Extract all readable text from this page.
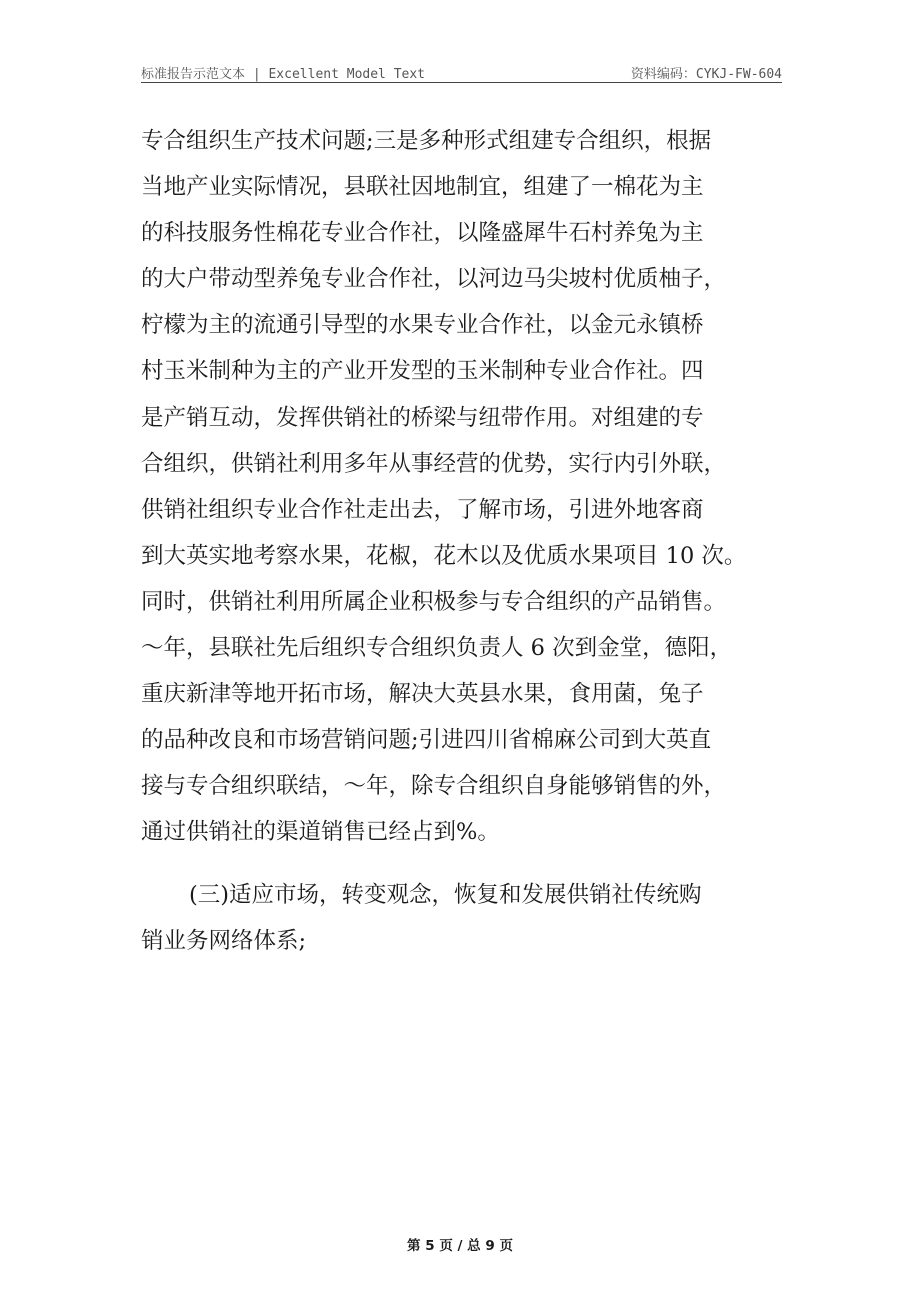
标准报告示范文本 | Excellent Model Text	资料编码：CYKJ-FW-604
专合组织生产技术问题;三是多种形式组建专合组织，根据
当地产业实际情况，县联社因地制宜，组建了一棉花为主
的科技服务性棉花专业合作社，以隆盛犀牛石村养兔为主
的大户带动型养兔专业合作社，以河边马尖坡村优质柚子，
柠檬为主的流通引导型的水果专业合作社，以金元永镇桥
村玉米制种为主的产业开发型的玉米制种专业合作社。四
是产销互动，发挥供销社的桥梁与纽带作用。对组建的专
合组织，供销社利用多年从事经营的优势，实行内引外联，
供销社组织专业合作社走出去，了解市场，引进外地客商
到大英实地考察水果，花椒，花木以及优质水果项目 10 次。
同时，供销社利用所属企业积极参与专合组织的产品销售。
～年，县联社先后组织专合组织负责人 6 次到金堂，德阳，
重庆新津等地开拓市场，解决大英县水果，食用菌，兔子
的品种改良和市场营销问题;引进四川省棉麻公司到大英直
接与专合组织联结，～年，除专合组织自身能够销售的外，
通过供销社的渠道销售已经占到%。
(三)适应市场，转变观念，恢复和发展供销社传统购
销业务网络体系;
第 5 页 / 总 9 页
